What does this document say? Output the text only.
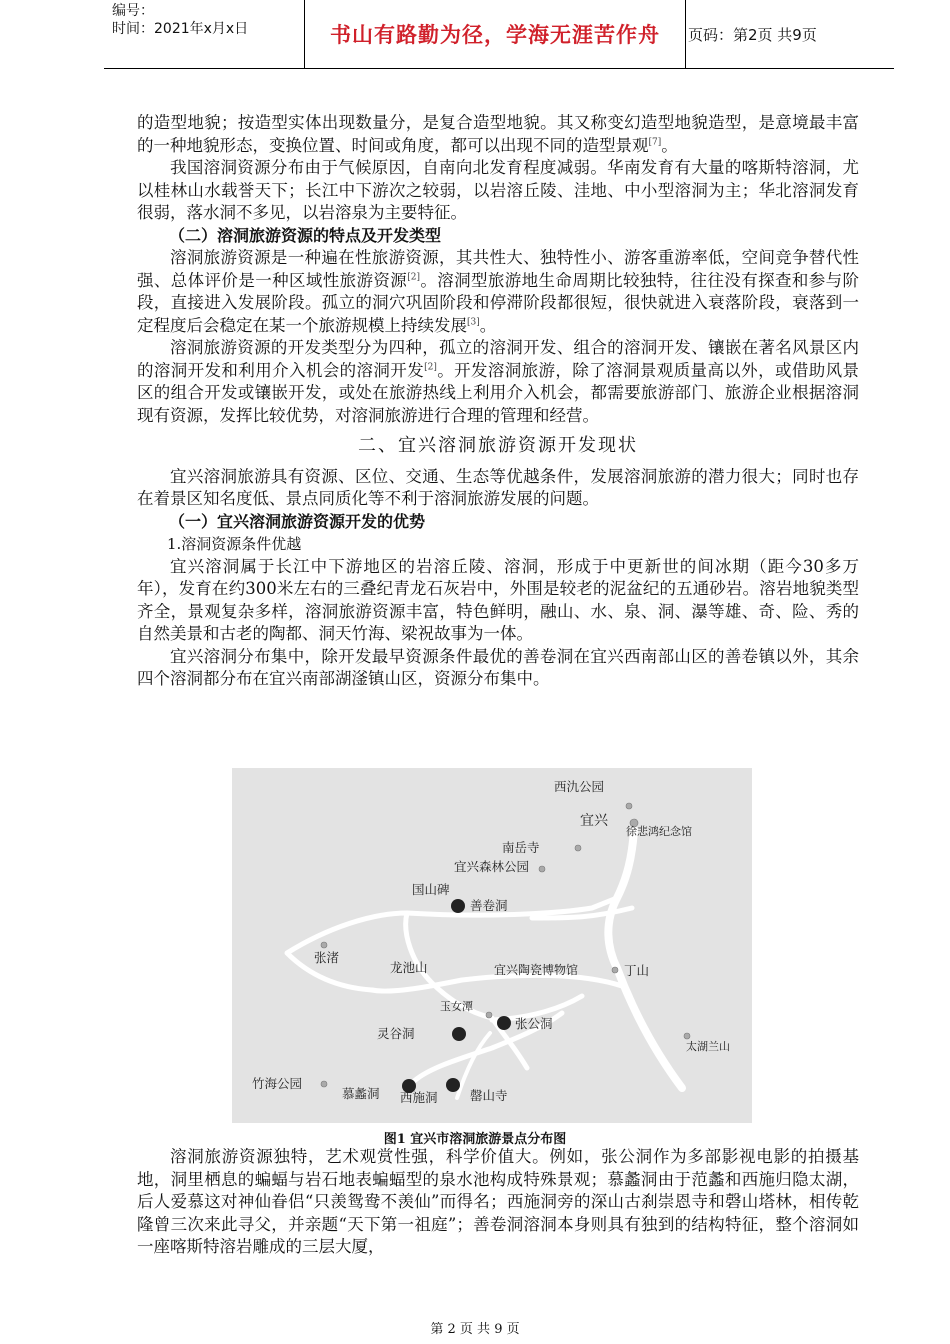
编号：
时间：2021年x月x日	书山有路勤为径，学海无涯苦作舟	页码：第2页 共9页

的造型地貌；按造型实体出现数量分，是复合造型地貌。其又称变幻造型地貌造型，是意境最丰富的一种地貌形态，变换位置、时间或角度，都可以出现不同的造型景观[7]。

我国溶洞资源分布由于气候原因，自南向北发育程度减弱。华南发育有大量的喀斯特溶洞，尤以桂林山水载誉天下；长江中下游次之较弱，以岩溶丘陵、洼地、中小型溶洞为主；华北溶洞发育很弱，落水洞不多见，以岩溶泉为主要特征。

（二）溶洞旅游资源的特点及开发类型

溶洞旅游资源是一种遍在性旅游资源，其共性大、独特性小、游客重游率低，空间竞争替代性强、总体评价是一种区域性旅游资源[2]。溶洞型旅游地生命周期比较独特，往往没有探查和参与阶段，直接进入发展阶段。孤立的洞穴巩固阶段和停滞阶段都很短，很快就进入衰落阶段，衰落到一定程度后会稳定在某一个旅游规模上持续发展[3]。

溶洞旅游资源的开发类型分为四种，孤立的溶洞开发、组合的溶洞开发、镶嵌在著名风景区内的溶洞开发和利用介入机会的溶洞开发[2]。开发溶洞旅游，除了溶洞景观质量高以外，或借助风景区的组合开发或镶嵌开发，或处在旅游热线上利用介入机会，都需要旅游部门、旅游企业根据溶洞现有资源，发挥比较优势，对溶洞旅游进行合理的管理和经营。

二、宜兴溶洞旅游资源开发现状

宜兴溶洞旅游具有资源、区位、交通、生态等优越条件，发展溶洞旅游的潜力很大；同时也存在着景区知名度低、景点同质化等不利于溶洞旅游发展的问题。

（一）宜兴溶洞旅游资源开发的优势

1.溶洞资源条件优越

宜兴溶洞属于长江中下游地区的岩溶丘陵、溶洞，形成于中更新世的间冰期（距今30多万年），发育在约300米左右的三叠纪青龙石灰岩中，外围是较老的泥盆纪的五通砂岩。溶岩地貌类型齐全，景观复杂多样，溶洞旅游资源丰富，特色鲜明，融山、水、泉、洞、瀑等雄、奇、险、秀的自然美景和古老的陶都、洞天竹海、梁祝故事为一体。

宜兴溶洞分布集中，除开发最早资源条件最优的善卷洞在宜兴西南部山区的善卷镇以外，其余四个溶洞都分布在宜兴南部湖滏镇山区，资源分布集中。

西氿公园
宜兴
徐悲鸿纪念馆
南岳寺
宜兴森林公园
国山碑
善卷洞
张渚
龙池山	宜兴陶瓷博物馆	丁山
玉女潭
张公洞
灵谷洞
太湖兰山
竹海公园
慕蠡洞 西施洞	罄山寺
图1 宜兴市溶洞旅游景点分布图

溶洞旅游资源独特，艺术观赏性强，科学价值大。例如，张公洞作为多部影视电影的拍摄基地，洞里栖息的蝙蝠与岩石地表蝙蝠型的泉水池构成特殊景观；慕蠡洞由于范蠡和西施归隐太湖，后人爱慕这对神仙眷侣“只羡鸳鸯不羡仙”而得名；西施洞旁的深山古刹崇恩寺和磬山塔林，相传乾隆曾三次来此寻父，并亲题“天下第一祖庭”；善卷洞溶洞本身则具有独到的结构特征，整个溶洞如一座喀斯特溶岩雕成的三层大厦，

第 2 页 共 9 页
